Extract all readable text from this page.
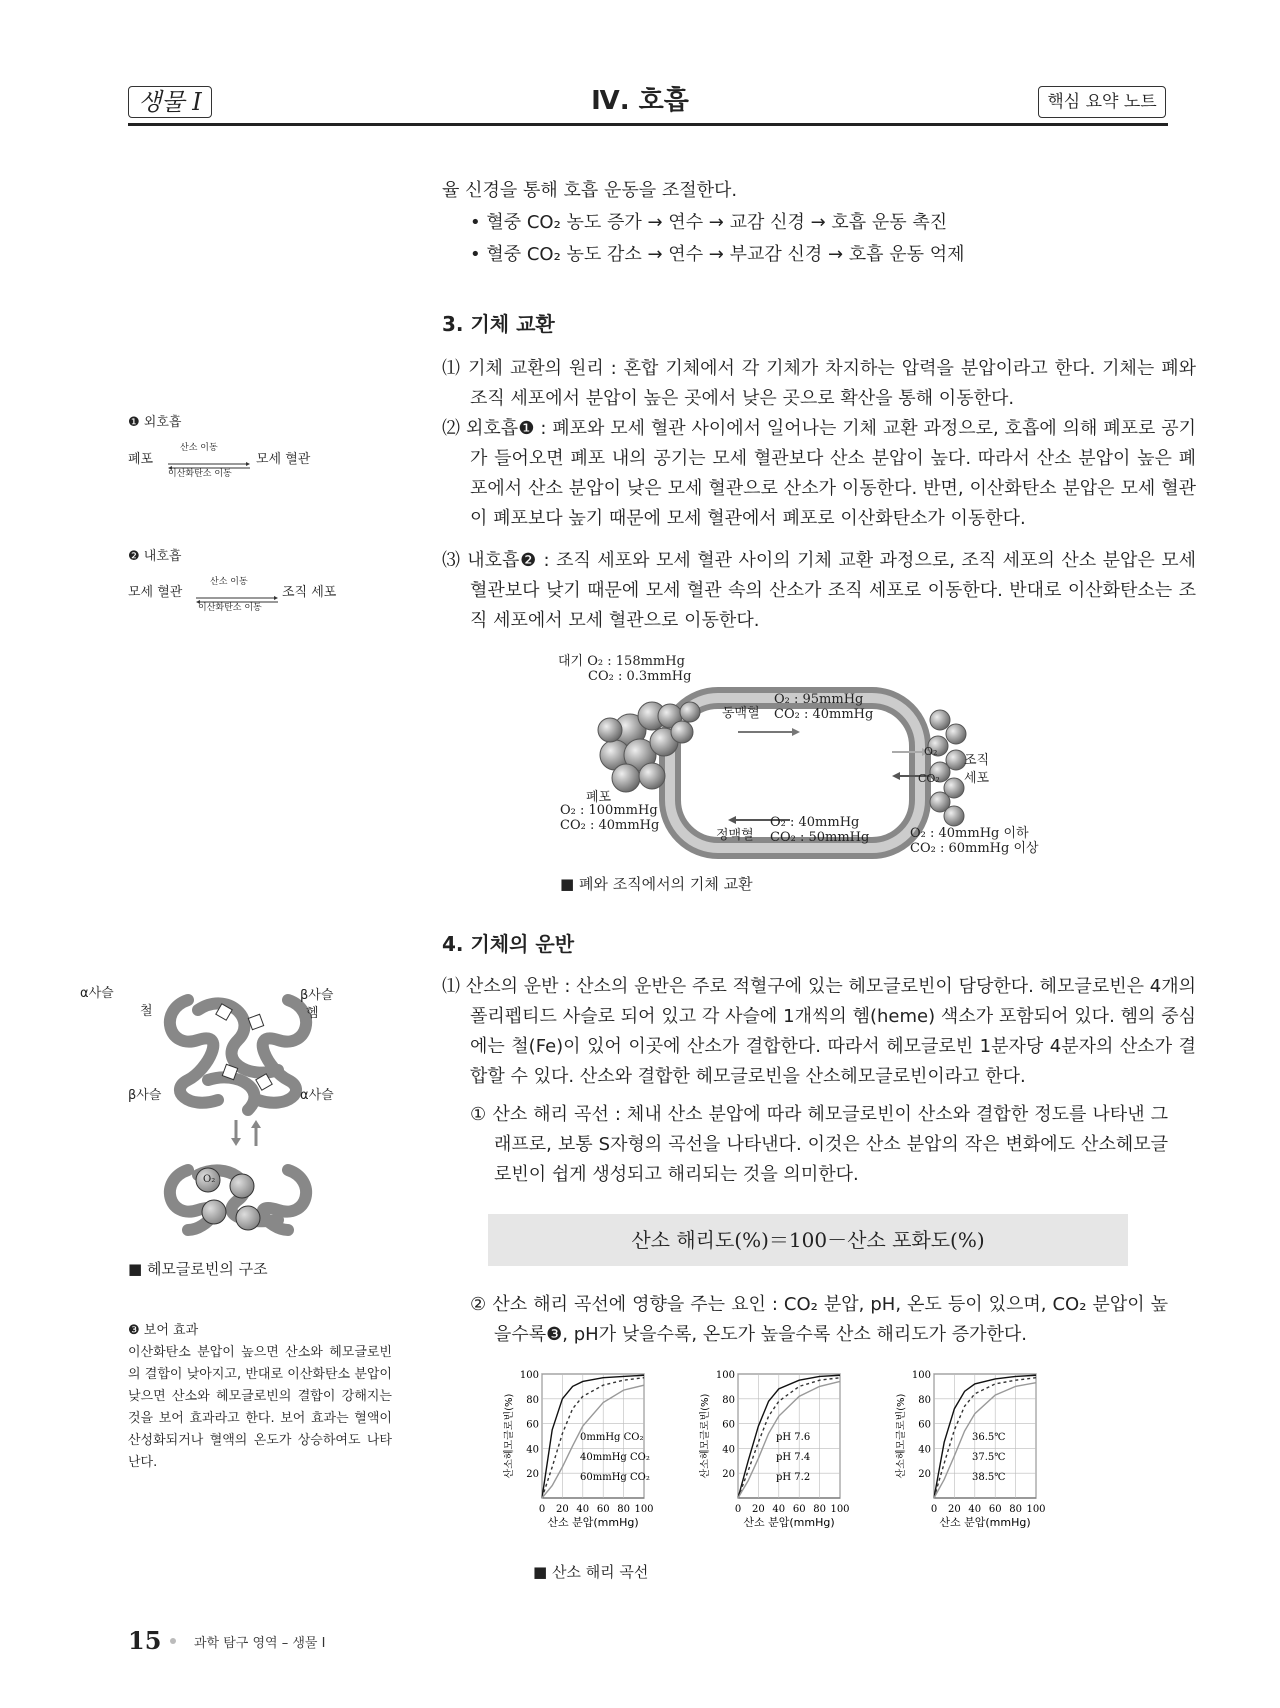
생물 Ⅰ	Ⅳ. 호흡	핵심 요약 노트
율 신경을 통해 호흡 운동을 조절한다.
• 혈중 CO₂ 농도 증가 → 연수 → 교감 신경 → 호흡 운동 촉진
• 혈중 CO₂ 농도 감소 → 연수 → 부교감 신경 → 호흡 운동 억제
3. 기체 교환
⑴ 기체 교환의 원리 : 혼합 기체에서 각 기체가 차지하는 압력을 분압이라고 한다. 기체는 폐와 조직 세포에서 분압이 높은 곳에서 낮은 곳으로 확산을 통해 이동한다.
⑵ 외호흡❶ : 폐포와 모세 혈관 사이에서 일어나는 기체 교환 과정으로, 호흡에 의해 폐포로 공기가 들어오면 폐포 내의 공기는 모세 혈관보다 산소 분압이 높다. 따라서 산소 분압이 높은 폐포에서 산소 분압이 낮은 모세 혈관으로 산소가 이동한다. 반면, 이산화탄소 분압은 모세 혈관이 폐포보다 높기 때문에 모세 혈관에서 폐포로 이산화탄소가 이동한다.
⑶ 내호흡❷ : 조직 세포와 모세 혈관 사이의 기체 교환 과정으로, 조직 세포의 산소 분압은 모세 혈관보다 낮기 때문에 모세 혈관 속의 산소가 조직 세포로 이동한다. 반대로 이산화탄소는 조직 세포에서 모세 혈관으로 이동한다.
❶ 외호흡
폐포
산소 이동
이산화탄소 이동
모세 혈관
❷ 내호흡
모세 혈관
산소 이동
이산화탄소 이동
조직 세포
대기 O₂ : 158mmHg
CO₂ : 0.3mmHg
동맥혈
O₂ : 95mmHg
CO₂ : 40mmHg
폐포
O₂ : 100mmHg
CO₂ : 40mmHg
정맥혈
O₂ : 40mmHg
CO₂ : 50mmHg
O₂
CO₂
조직
세포
O₂ : 40mmHg 이하
CO₂ : 60mmHg 이상
■ 폐와 조직에서의 기체 교환
4. 기체의 운반
⑴ 산소의 운반 : 산소의 운반은 주로 적혈구에 있는 헤모글로빈이 담당한다. 헤모글로빈은 4개의 폴리펩티드 사슬로 되어 있고 각 사슬에 1개씩의 헴(heme) 색소가 포함되어 있다. 헴의 중심에는 철(Fe)이 있어 이곳에 산소가 결합한다. 따라서 헤모글로빈 1분자당 4분자의 산소가 결합할 수 있다. 산소와 결합한 헤모글로빈을 산소헤모글로빈이라고 한다.
① 산소 해리 곡선 : 체내 산소 분압에 따라 헤모글로빈이 산소와 결합한 정도를 나타낸 그래프로, 보통 S자형의 곡선을 나타낸다. 이것은 산소 분압의 작은 변화에도 산소헤모글로빈이 쉽게 생성되고 해리되는 것을 의미한다.
산소 해리도(%)＝100－산소 포화도(%)
② 산소 해리 곡선에 영향을 주는 요인 : CO₂ 분압, pH, 온도 등이 있으며, CO₂ 분압이 높을수록❸, pH가 낮을수록, 온도가 높을수록 산소 해리도가 증가한다.
α사슬
철
β사슬
헴
β사슬	α사슬
O₂
■ 헤모글로빈의 구조
❸ 보어 효과
이산화탄소 분압이 높으면 산소와 헤모글로빈의 결합이 낮아지고, 반대로 이산화탄소 분압이 낮으면 산소와 헤모글로빈의 결합이 강해지는 것을 보어 효과라고 한다. 보어 효과는 혈액이 산성화되거나 혈액의 온도가 상승하여도 나타난다.
20
40
60
80
100
0 20 40 60 80 100
산소 분압(mmHg)
산소헤모글로빈(%)	0mmHg CO₂
40mmHg CO₂
60mmHg CO₂	20
40
60
80
100
0 20 40 60 80 100
산소 분압(mmHg)
산소헤모글로빈(%)	pH 7.6
pH 7.4
pH 7.2	20
40
60
80
100
0 20 40 60 80 100
산소 분압(mmHg)
산소헤모글로빈(%)	36.5℃
37.5℃
38.5℃
■ 산소 해리 곡선
15	과학 탐구 영역 – 생물 Ⅰ
